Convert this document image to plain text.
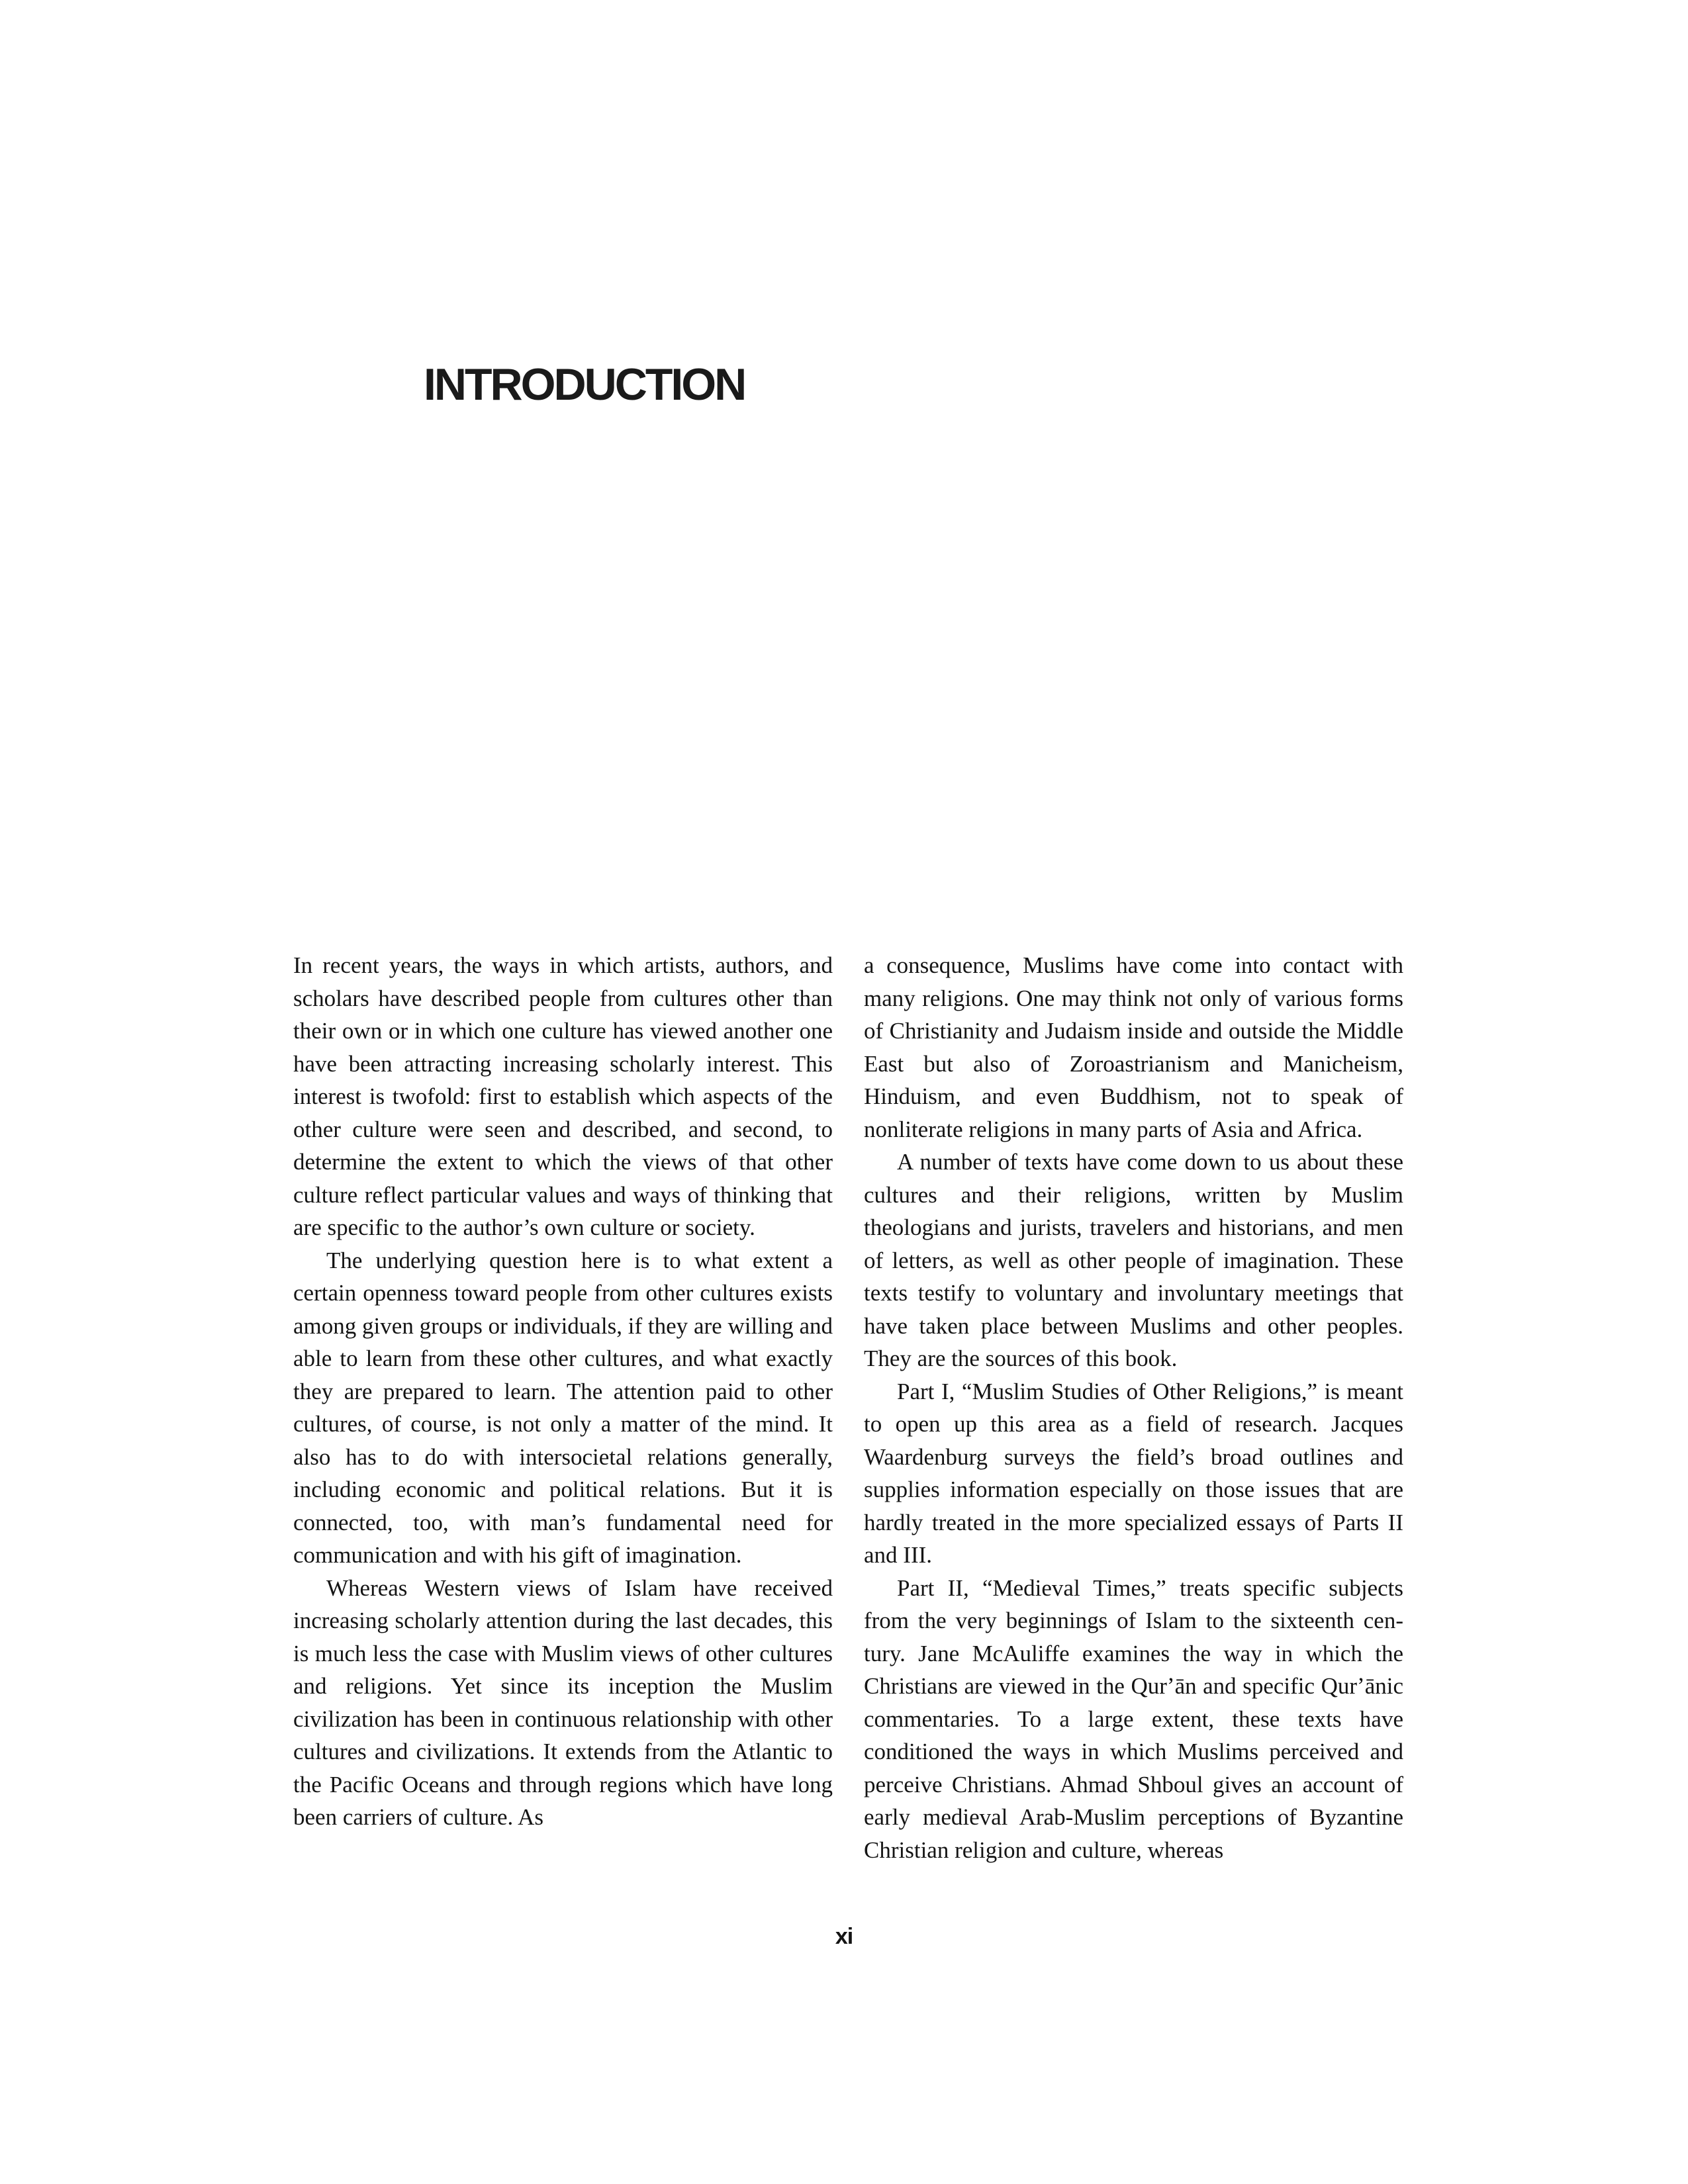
INTRODUCTION

In recent years, the ways in which artists, authors, and scholars have described people from cultures other than their own or in which one culture has viewed another one have been attracting increasing scholarly interest. This interest is twofold: first to establish which aspects of the other culture were seen and described, and second, to determine the extent to which the views of that other culture reflect particular values and ways of thinking that are specific to the author’s own culture or society.

The underlying question here is to what extent a certain openness toward people from other cultures exists among given groups or individuals, if they are willing and able to learn from these other cultures, and what exactly they are prepared to learn. The attention paid to other cultures, of course, is not only a matter of the mind. It also has to do with intersocietal relations generally, including economic and political relations. But it is connected, too, with man’s fundamental need for communication and with his gift of imagination.

Whereas Western views of Islam have received increasing scholarly attention during the last decades, this is much less the case with Muslim views of other cultures and religions. Yet since its inception the Muslim civilization has been in continuous relationship with other cultures and civilizations. It extends from the Atlantic to the Pacific Oceans and through regions which have long been carriers of culture. As

a consequence, Muslims have come into contact with many religions. One may think not only of various forms of Christianity and Judaism inside and outside the Middle East but also of Zoroastrianism and Manicheism, Hinduism, and even Buddhism, not to speak of nonliterate religions in many parts of Asia and Africa.

A number of texts have come down to us about these cultures and their religions, written by Muslim theologians and jurists, travelers and historians, and men of letters, as well as other people of imagination. These texts testify to voluntary and involuntary meetings that have taken place between Muslims and other peoples. They are the sources of this book.

Part I, “Muslim Studies of Other Religions,” is meant to open up this area as a field of research. Jacques Waardenburg surveys the field’s broad outlines and supplies information especially on those issues that are hardly treated in the more specialized essays of Parts II and III.

Part II, “Medieval Times,” treats specific subjects from the very beginnings of Islam to the sixteenth century. Jane McAuliffe examines the way in which the Christians are viewed in the Qurʼān and specific Qurʼānic commentaries. To a large extent, these texts have conditioned the ways in which Muslims perceived and perceive Christians. Ahmad Shboul gives an account of early medieval Arab-Muslim perceptions of Byzantine Christian religion and culture, whereas

xi
